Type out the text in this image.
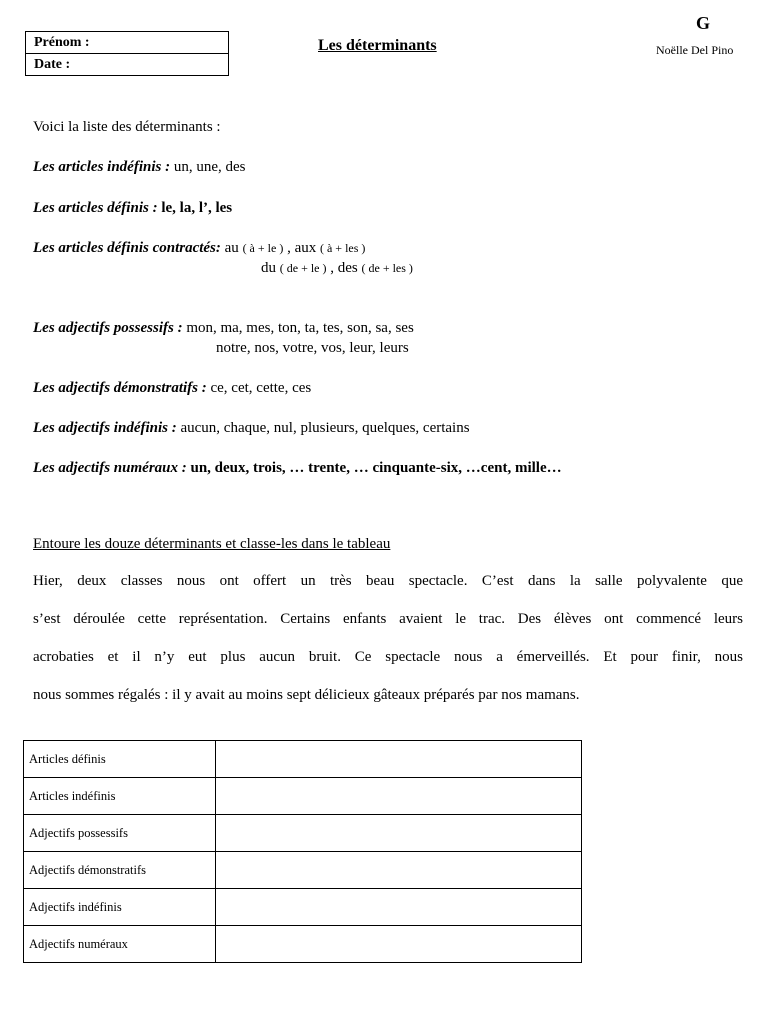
Prénom :
Date :
Les déterminants
G
Noëlle Del Pino
Voici la liste des déterminants :
Les articles indéfinis : un, une, des
Les articles définis : le, la, l’, les
Les articles définis contractés: au ( à + le ) , aux ( à + les )
du ( de + le ) , des ( de + les )
Les adjectifs possessifs : mon, ma, mes, ton, ta, tes, son, sa, ses
notre, nos, votre, vos, leur, leurs
Les adjectifs démonstratifs : ce, cet, cette, ces
Les adjectifs indéfinis : aucun, chaque, nul, plusieurs, quelques, certains
Les adjectifs numéraux : un, deux, trois, … trente, … cinquante-six, …cent, mille…
Entoure les douze déterminants et classe-les dans le tableau
Hier, deux classes nous ont offert un très beau spectacle. C’est dans la salle polyvalente que
s’est déroulée cette représentation. Certains enfants avaient le trac. Des élèves ont commencé leurs
acrobaties et il n’y eut plus aucun bruit. Ce spectacle nous a émerveillés. Et pour finir, nous
nous sommes régalés : il y avait au moins sept délicieux gâteaux préparés par nos mamans.
Articles définis	
Articles indéfinis	
Adjectifs possessifs	
Adjectifs démonstratifs	
Adjectifs indéfinis	
Adjectifs numéraux	
